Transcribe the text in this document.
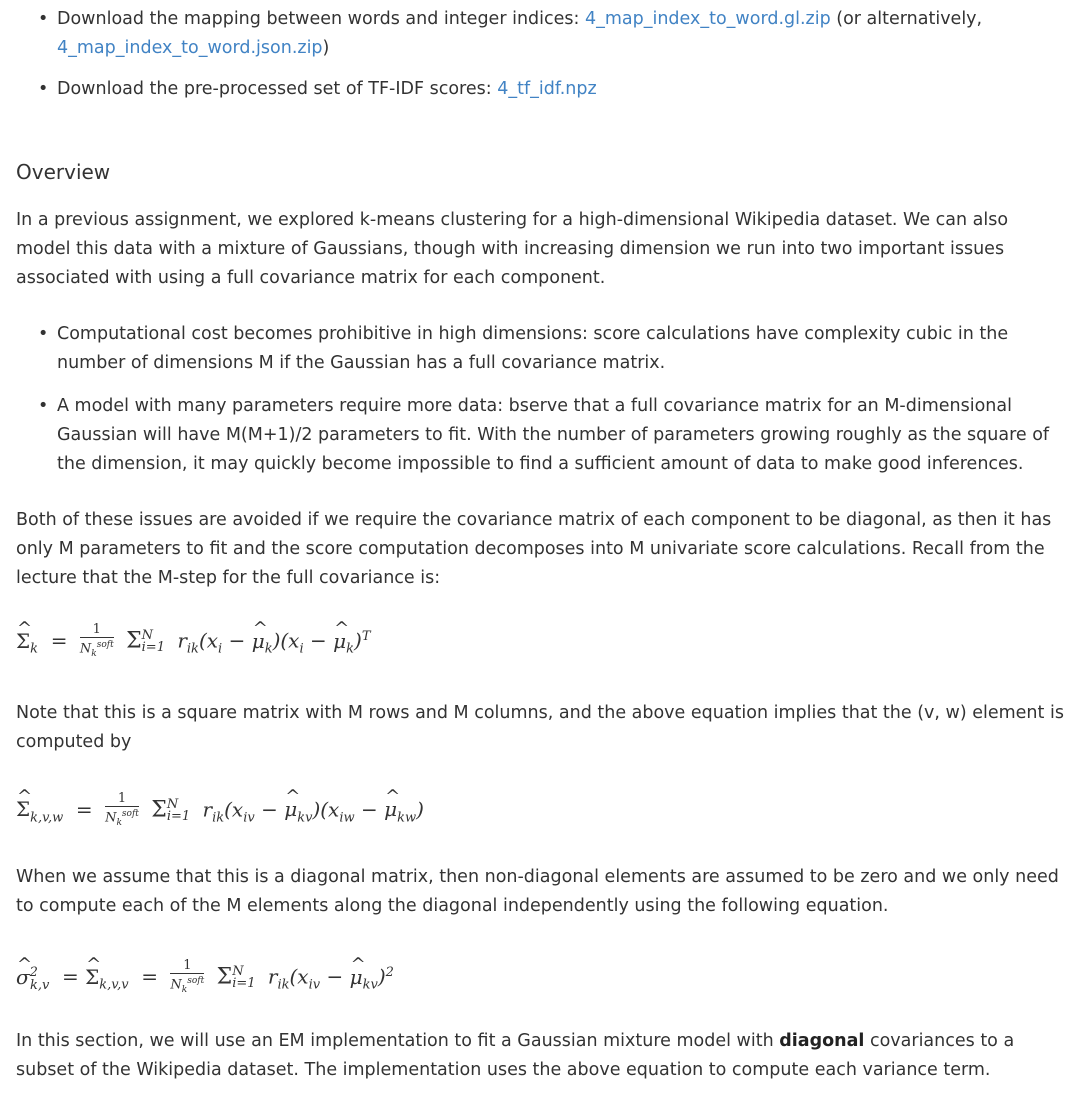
• Download the mapping between words and integer indices: 4_map_index_to_word.gl.zip (or alternatively, 4_map_index_to_word.json.zip)
• Download the pre-processed set of TF-IDF scores: 4_tf_idf.npz
Overview

In a previous assignment, we explored k-means clustering for a high-dimensional Wikipedia dataset. We can also model this data with a mixture of Gaussians, though with increasing dimension we run into two important issues associated with using a full covariance matrix for each component.

• Computational cost becomes prohibitive in high dimensions: score calculations have complexity cubic in the number of dimensions M if the Gaussian has a full covariance matrix.
• A model with many parameters require more data: bserve that a full covariance matrix for an M-dimensional Gaussian will have M(M+1)/2 parameters to fit. With the number of parameters growing roughly as the square of the dimension, it may quickly become impossible to find a sufficient amount of data to make good inferences.

Both of these issues are avoided if we require the covariance matrix of each component to be diagonal, as then it has only M parameters to fit and the score computation decomposes into M univariate score calculations. Recall from the lecture that the M-step for the full covariance is:

^ $\Sigma_k = \frac{1}{N_k^{soft}}$ ΣN
i=1 $r_{ik}(x_i$ − ^ $\mu_k)(x_i$ − ^ $\mu_k)^T$

Note that this is a square matrix with M rows and M columns, and the above equation implies that the (v, w) element is computed by

^ $\Sigma_{k,v,w} = \frac{1}{N_k^{soft}}$ ΣN
i=1 $r_{ik}(x_{iv}$ − ^ $\mu_{kv})(x_{iw}$ − ^ $\mu_{kw}$)

When we assume that this is a diagonal matrix, then non-diagonal elements are assumed to be zero and we only need to compute each of the M elements along the diagonal independently using the following equation.

^ $\sigma^2_{k,v}$  = ^ $\Sigma_{k,v,v} = \frac{1}{N_k^{soft}}$ ΣN
i=1 $r_{ik}(x_{iv}$ − ^ $\mu_{kv})^2$

In this section, we will use an EM implementation to fit a Gaussian mixture model with diagonal covariances to a subset of the Wikipedia dataset. The implementation uses the above equation to compute each variance term.
